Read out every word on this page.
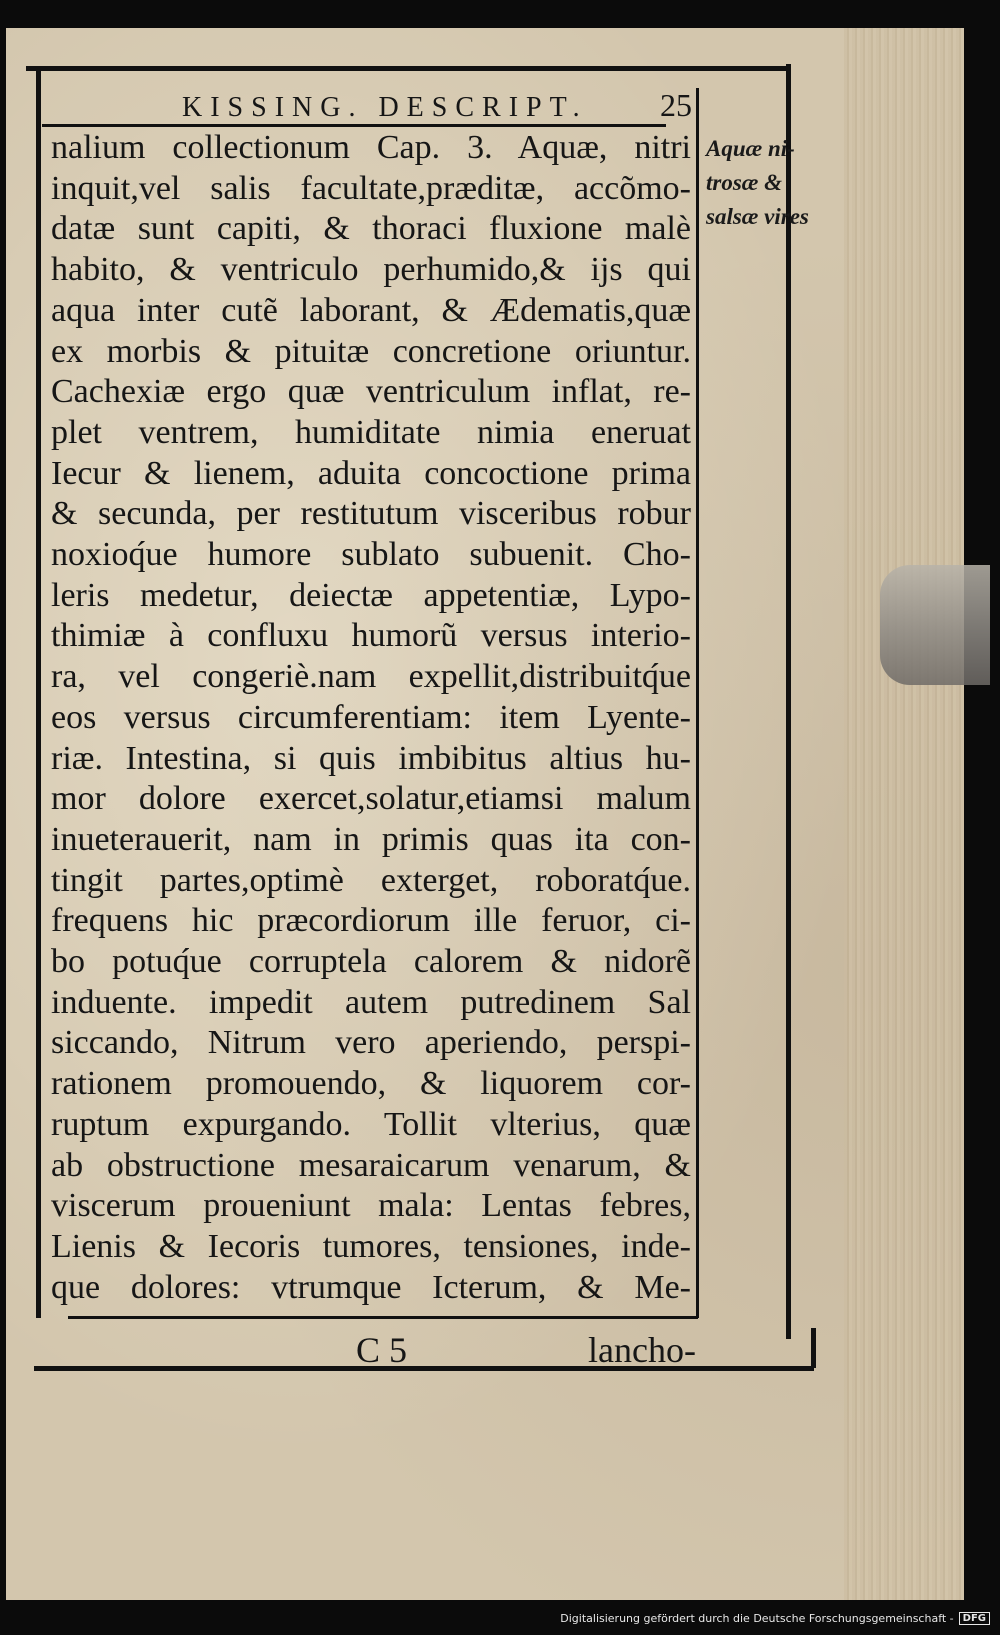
KISSING. DESCRIPT. 25
nalium collectionum Cap. 3. Aquæ, nitri
inquit,vel salis facultate,præditæ, accõmo-
datæ sunt capiti, & thoraci fluxione malè
habito, & ventriculo perhumido,& ijs qui
aqua inter cutẽ laborant, & Ædematis,quæ
ex morbis & pituitæ concretione oriuntur.
Cachexiæ ergo quæ ventriculum inflat, re-
plet ventrem, humiditate nimia eneruat
Iecur & lienem, aduita concoctione prima
& secunda, per restitutum visceribus robur
noxioq́ue humore sublato subuenit. Cho-
leris medetur, deiectæ appetentiæ, Lypo-
thimiæ à confluxu humorũ versus interio-
ra, vel congeriè.nam expellit,distribuitq́ue
eos versus circumferentiam: item Lyente-
riæ. Intestina, si quis imbibitus altius hu-
mor dolore exercet,solatur,etiamsi malum
inueterauerit, nam in primis quas ita con-
tingit partes,optimè exterget, roboratq́ue.
frequens hic præcordiorum ille feruor, ci-
bo potuq́ue corruptela calorem & nidorẽ
induente. impedit autem putredinem Sal
siccando, Nitrum vero aperiendo, perspi-
rationem promouendo, & liquorem cor-
ruptum expurgando. Tollit vlterius, quæ
ab obstructione mesaraicarum venarum, &
viscerum proueniunt mala: Lentas febres,
Lienis & Iecoris tumores, tensiones, inde-
que dolores: vtrumque Icterum, & Me-
Aquæ ni-
trosæ &
salsæ vires
C 5	lancho-
Digitalisierung gefördert durch die Deutsche Forschungsgemeinschaft - DFG
